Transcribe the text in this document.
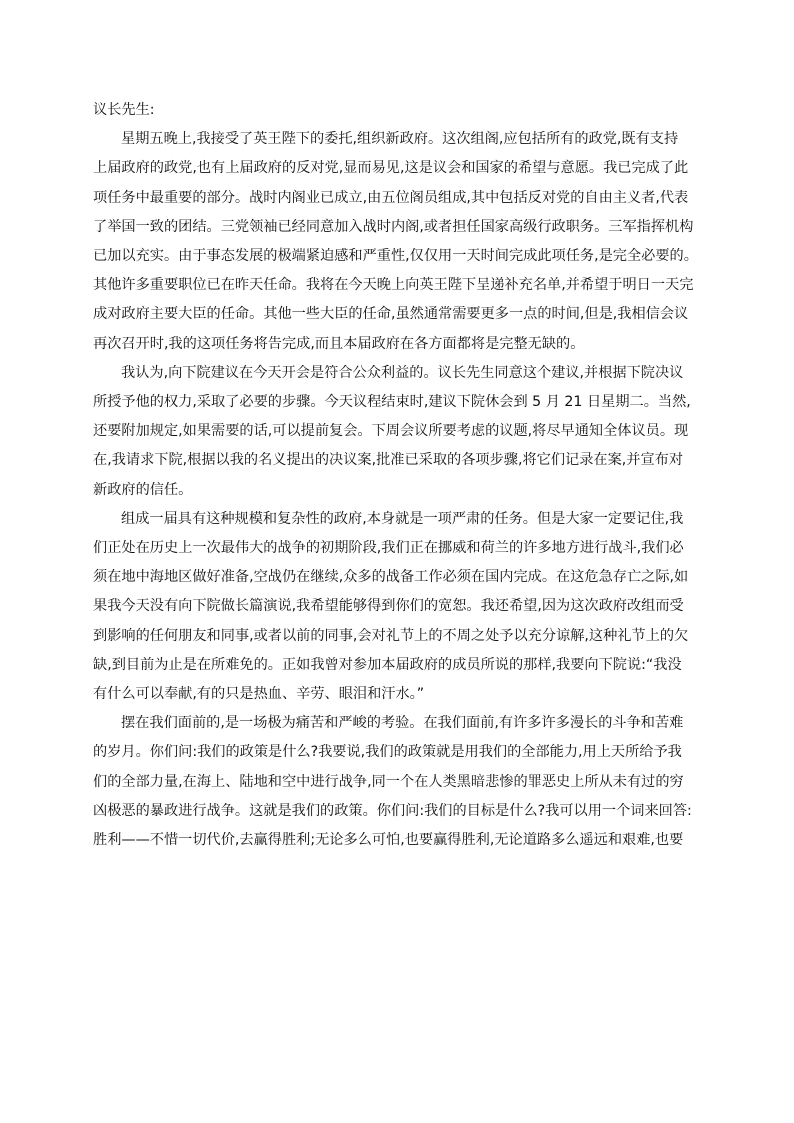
议长先生:
星期五晚上,我接受了英王陛下的委托,组织新政府。这次组阁,应包括所有的政党,既有支持
上届政府的政党,也有上届政府的反对党,显而易见,这是议会和国家的希望与意愿。我已完成了此
项任务中最重要的部分。战时内阁业已成立,由五位阁员组成,其中包括反对党的自由主义者,代表
了举国一致的团结。三党领袖已经同意加入战时内阁,或者担任国家高级行政职务。三军指挥机构
已加以充实。由于事态发展的极端紧迫感和严重性,仅仅用一天时间完成此项任务,是完全必要的。
其他许多重要职位已在昨天任命。我将在今天晚上向英王陛下呈递补充名单,并希望于明日一天完
成对政府主要大臣的任命。其他一些大臣的任命,虽然通常需要更多一点的时间,但是,我相信会议
再次召开时,我的这项任务将告完成,而且本届政府在各方面都将是完整无缺的。
我认为,向下院建议在今天开会是符合公众利益的。议长先生同意这个建议,并根据下院决议
所授予他的权力,采取了必要的步骤。今天议程结束时,建议下院休会到 5 月 21 日星期二。当然,
还要附加规定,如果需要的话,可以提前复会。下周会议所要考虑的议题,将尽早通知全体议员。现
在,我请求下院,根据以我的名义提出的决议案,批准已采取的各项步骤,将它们记录在案,并宣布对
新政府的信任。
组成一届具有这种规模和复杂性的政府,本身就是一项严肃的任务。但是大家一定要记住,我
们正处在历史上一次最伟大的战争的初期阶段,我们正在挪威和荷兰的许多地方进行战斗,我们必
须在地中海地区做好准备,空战仍在继续,众多的战备工作必须在国内完成。在这危急存亡之际,如
果我今天没有向下院做长篇演说,我希望能够得到你们的宽恕。我还希望,因为这次政府改组而受
到影响的任何朋友和同事,或者以前的同事,会对礼节上的不周之处予以充分谅解,这种礼节上的欠
缺,到目前为止是在所难免的。正如我曾对参加本届政府的成员所说的那样,我要向下院说:“我没
有什么可以奉献,有的只是热血、辛劳、眼泪和汗水。”
摆在我们面前的,是一场极为痛苦和严峻的考验。在我们面前,有许多许多漫长的斗争和苦难
的岁月。你们问:我们的政策是什么?我要说,我们的政策就是用我们的全部能力,用上天所给予我
们的全部力量,在海上、陆地和空中进行战争,同一个在人类黑暗悲惨的罪恶史上所从未有过的穷
凶极恶的暴政进行战争。这就是我们的政策。你们问:我们的目标是什么?我可以用一个词来回答:
胜利——不惜一切代价,去赢得胜利;无论多么可怕,也要赢得胜利,无论道路多么遥远和艰难,也要
